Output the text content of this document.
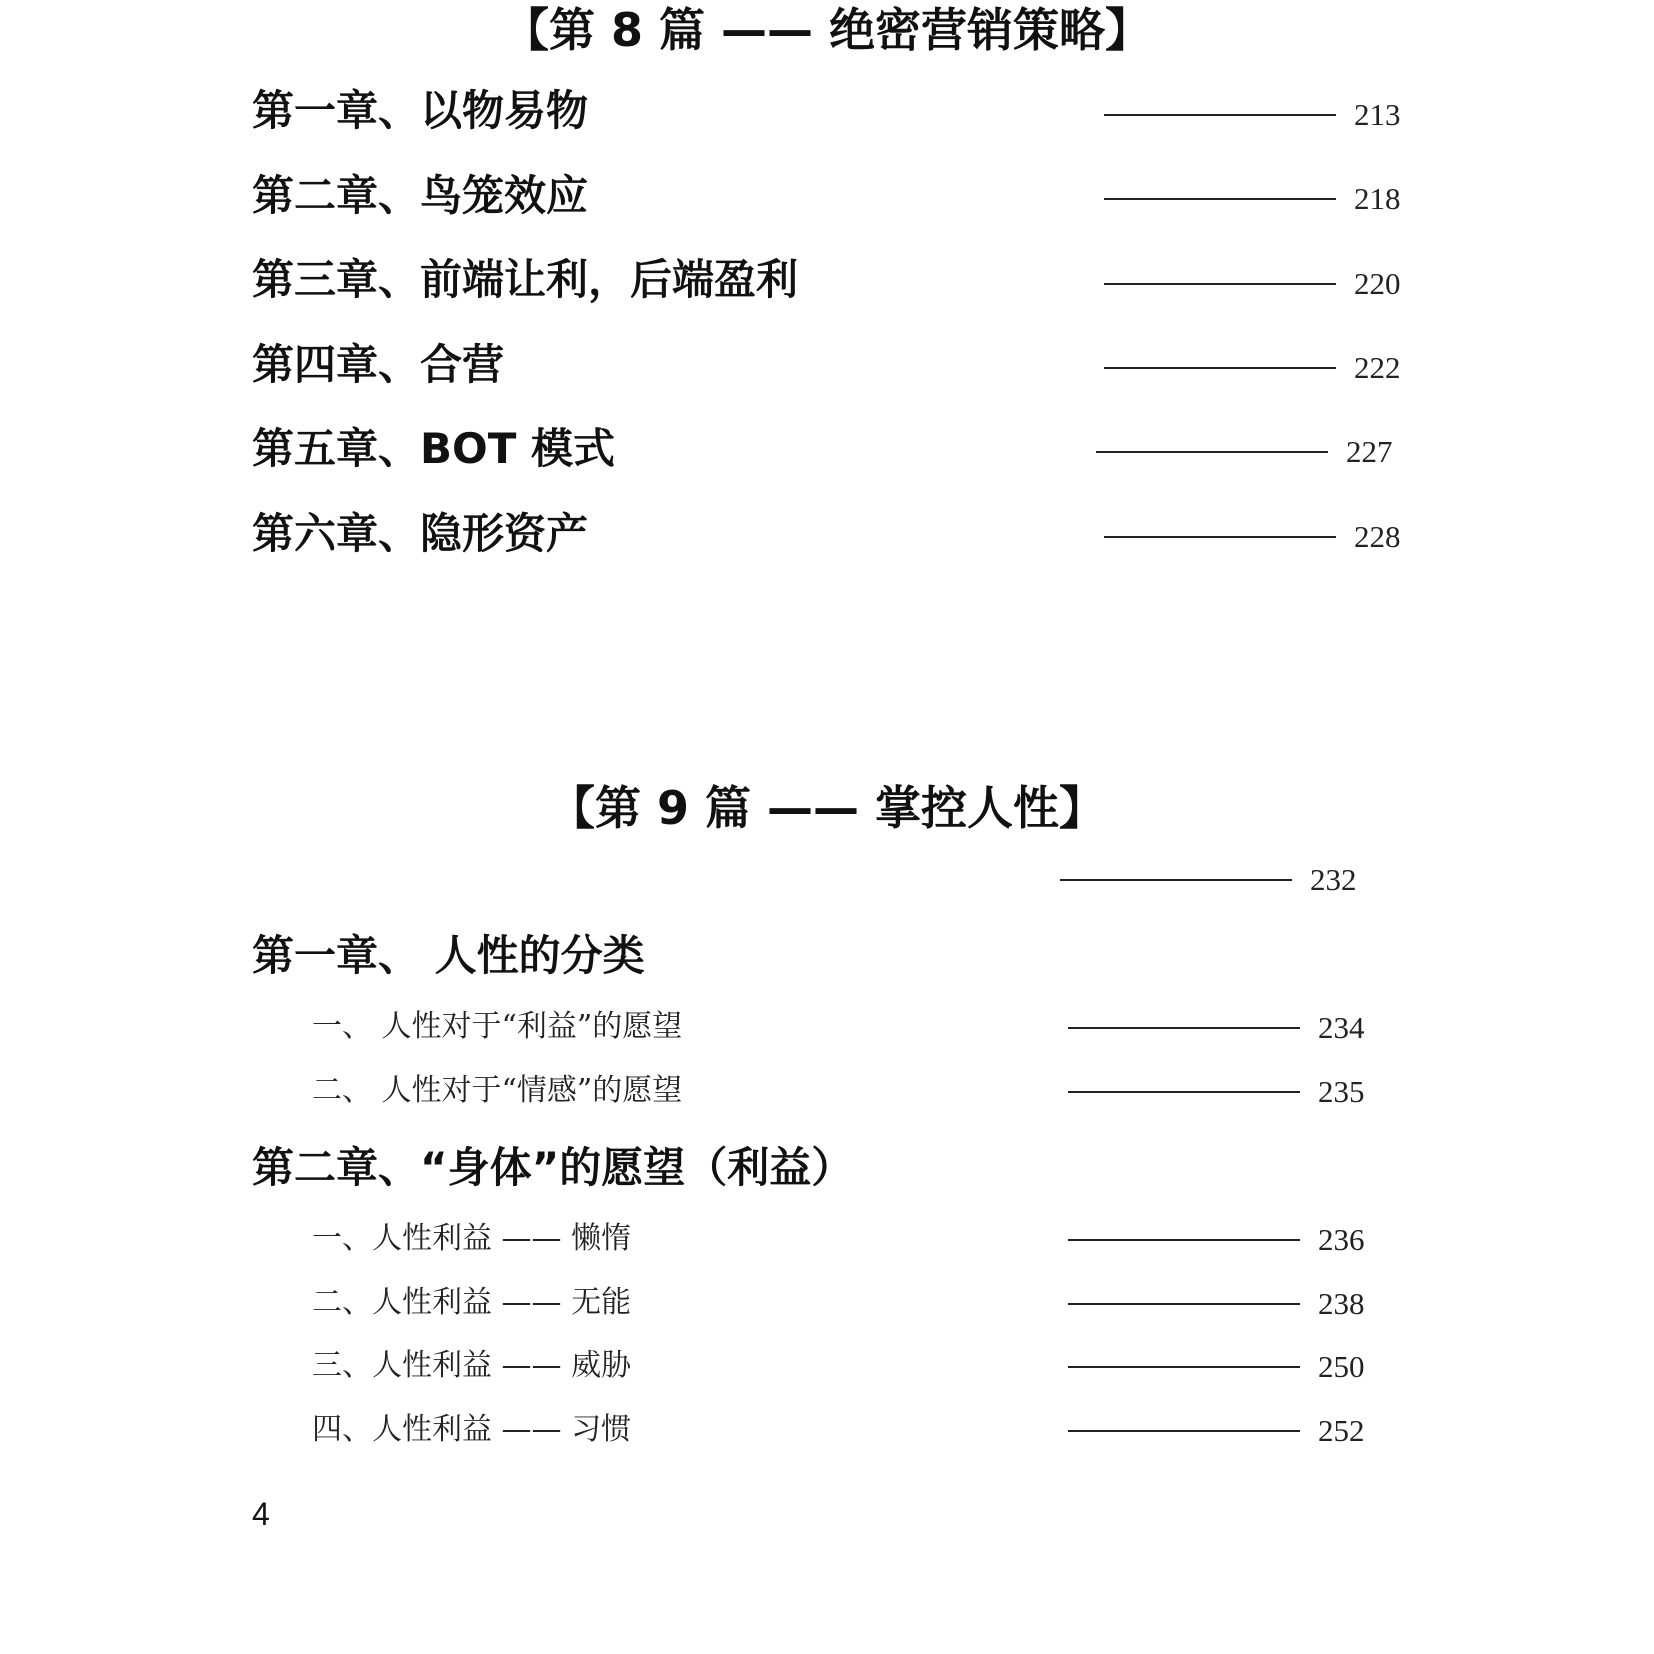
【第 8 篇 —— 绝密营销策略】
第一章、以物易物	213
第二章、鸟笼效应	218
第三章、前端让利，后端盈利	220
第四章、合营	222
第五章、BOT 模式	227
第六章、隐形资产	228
【第 9 篇 —— 掌控人性】
232
第一章、 人性的分类
一、 人性对于“利益”的愿望	234
二、 人性对于“情感”的愿望	235
第二章、“身体”的愿望（利益）
一、人性利益 —— 懒惰	236
二、人性利益 —— 无能	238
三、人性利益 —— 威胁	250
四、人性利益 —— 习惯	252
4
